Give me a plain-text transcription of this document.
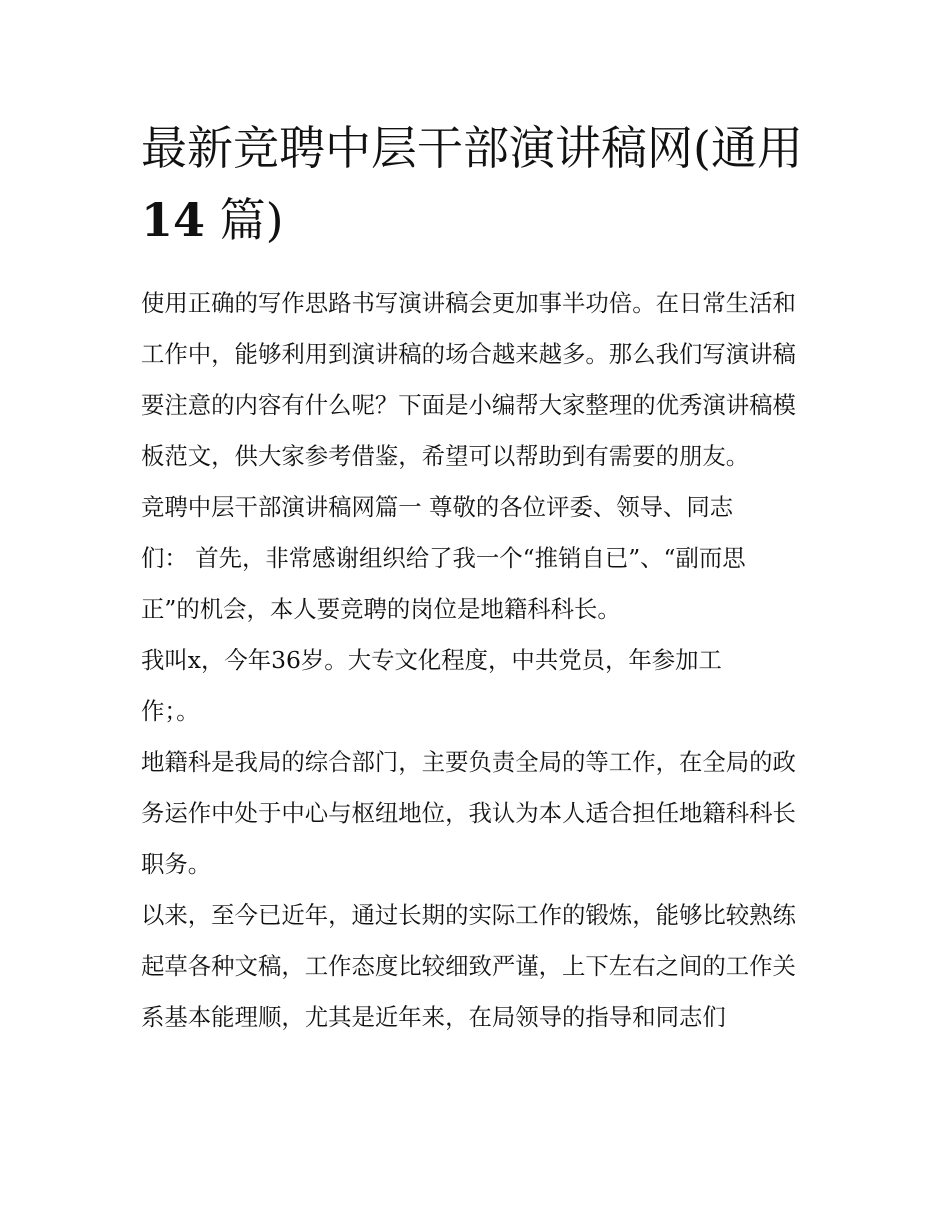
最新竞聘中层干部演讲稿网(通用
14 篇)

使用正确的写作思路书写演讲稿会更加事半功倍。在日常生活和工作中，能够利用到演讲稿的场合越来越多。那么我们写演讲稿要注意的内容有什么呢？下面是小编帮大家整理的优秀演讲稿模板范文，供大家参考借鉴，希望可以帮助到有需要的朋友。

竞聘中层干部演讲稿网篇一 尊敬的各位评委、领导、同志们： 首先，非常感谢组织给了我一个“推销自已”、“副而思正”的机会，本人要竞聘的岗位是地籍科科长。

我叫x，今年36岁。大专文化程度，中共党员，年参加工作；。

地籍科是我局的综合部门，主要负责全局的等工作，在全局的政务运作中处于中心与枢纽地位，我认为本人适合担任地籍科科长职务。

以来，至今已近年，通过长期的实际工作的锻炼，能够比较熟练起草各种文稿，工作态度比较细致严谨，上下左右之间的工作关系基本能理顺，尤其是近年来，在局领导的指导和同志们
